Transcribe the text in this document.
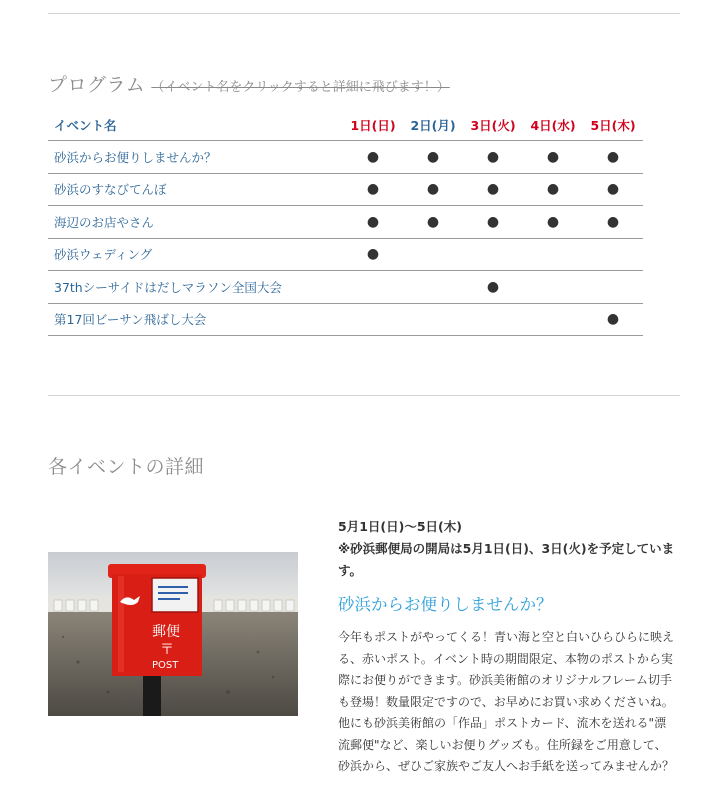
プログラム （イベント名をクリックすると詳細に飛びます！）
イベント名	1日(日)	2日(月)	3日(火)	4日(水)	5日(木)
砂浜からお便りしませんか？	●	●	●	●	●
砂浜のすなびてんぼ	●	●	●	●	●
海辺のお店やさん	●	●	●	●	●
砂浜ウェディング	●				
37thシーサイドはだしマラソン全国大会			●		
第17回ビーサン飛ばし大会					●
各イベントの詳細
郵便
〒
POST
5月1日(日)〜5日(木)
※砂浜郵便局の開局は5月1日(日)、3日(火)を予定しています。
砂浜からお便りしませんか？
今年もポストがやってくる！青い海と空と白いひらひらに映える、赤いポスト。イベント時の期間限定、本物のポストから実際にお便りができます。砂浜美術館のオリジナルフレーム切手も登場！数量限定ですので、お早めにお買い求めくださいね。他にも砂浜美術館の「作品」ポストカード、流木を送れる"漂流郵便"など、楽しいお便りグッズも。住所録をご用意して、砂浜から、ぜひご家族やご友人へお手紙を送ってみませんか？
